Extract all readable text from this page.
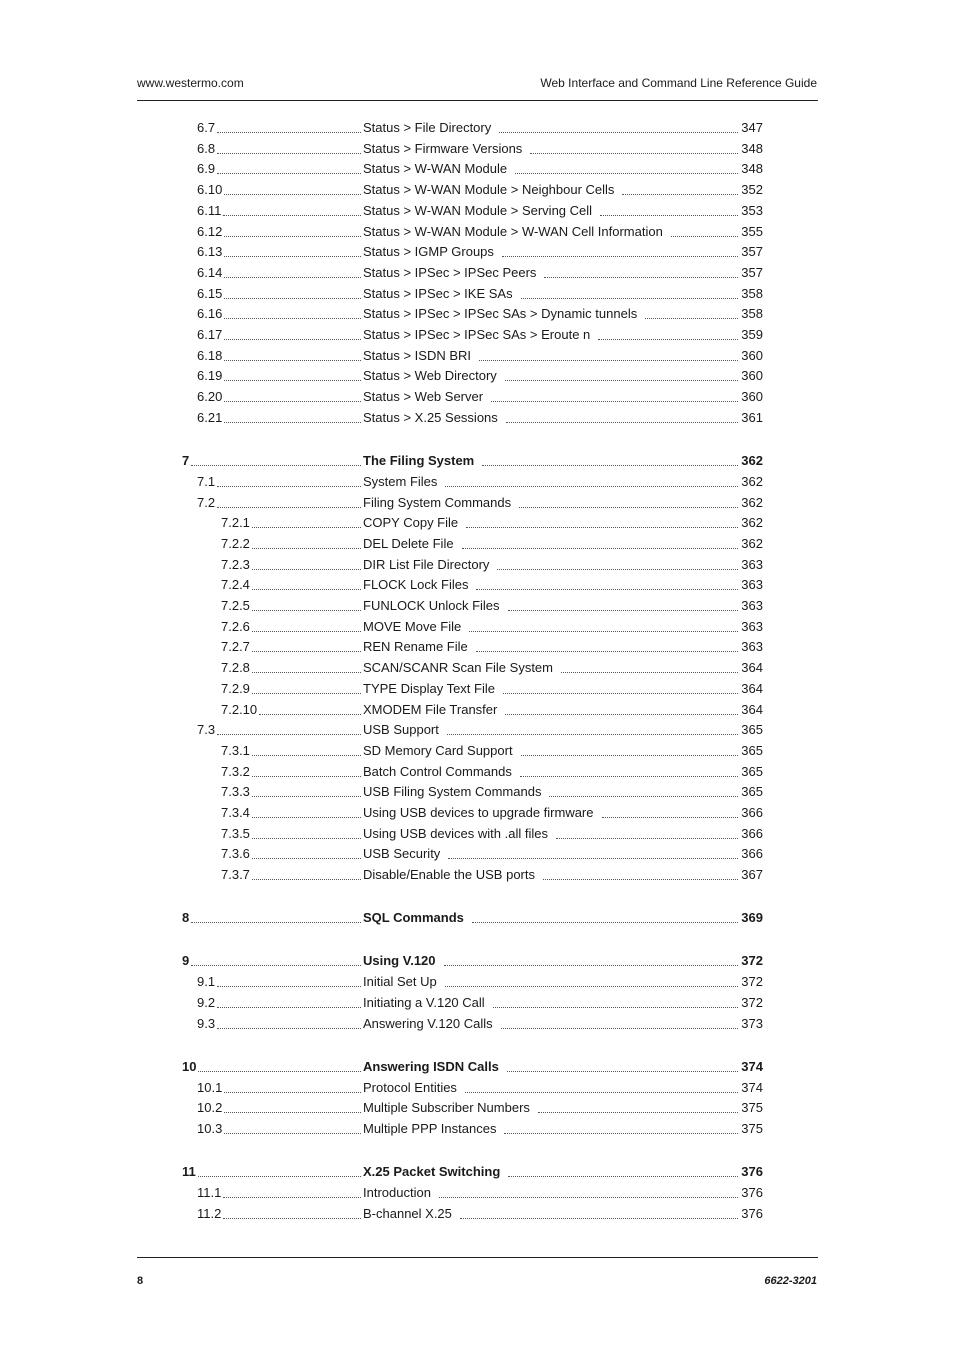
www.westermo.com	Web Interface and Command Line Reference Guide
6.7	Status > File Directory	347
6.8	Status > Firmware Versions	348
6.9	Status > W-WAN Module	348
6.10	Status > W-WAN Module > Neighbour Cells	352
6.11	Status > W-WAN Module > Serving Cell	353
6.12	Status > W-WAN Module > W-WAN Cell Information	355
6.13	Status > IGMP Groups	357
6.14	Status > IPSec > IPSec Peers	357
6.15	Status > IPSec > IKE SAs	358
6.16	Status > IPSec > IPSec SAs > Dynamic tunnels	358
6.17	Status > IPSec > IPSec SAs > Eroute n	359
6.18	Status > ISDN BRI	360
6.19	Status > Web Directory	360
6.20	Status > Web Server	360
6.21	Status > X.25 Sessions	361
7	The Filing System	362
7.1	System Files	362
7.2	Filing System Commands	362
7.2.1	COPY Copy File	362
7.2.2	DEL Delete File	362
7.2.3	DIR List File Directory	363
7.2.4	FLOCK Lock Files	363
7.2.5	FUNLOCK Unlock Files	363
7.2.6	MOVE Move File	363
7.2.7	REN Rename File	363
7.2.8	SCAN/SCANR Scan File System	364
7.2.9	TYPE Display Text File	364
7.2.10	XMODEM File Transfer	364
7.3	USB Support	365
7.3.1	SD Memory Card Support	365
7.3.2	Batch Control Commands	365
7.3.3	USB Filing System Commands	365
7.3.4	Using USB devices to upgrade firmware	366
7.3.5	Using USB devices with .all files	366
7.3.6	USB Security	366
7.3.7	Disable/Enable the USB ports	367
8	SQL Commands	369
9	Using V.120	372
9.1	Initial Set Up	372
9.2	Initiating a V.120 Call	372
9.3	Answering V.120 Calls	373
10	Answering ISDN Calls	374
10.1	Protocol Entities	374
10.2	Multiple Subscriber Numbers	375
10.3	Multiple PPP Instances	375
11	X.25 Packet Switching	376
11.1	Introduction	376
11.2	B-channel X.25	376
8	6622-3201
